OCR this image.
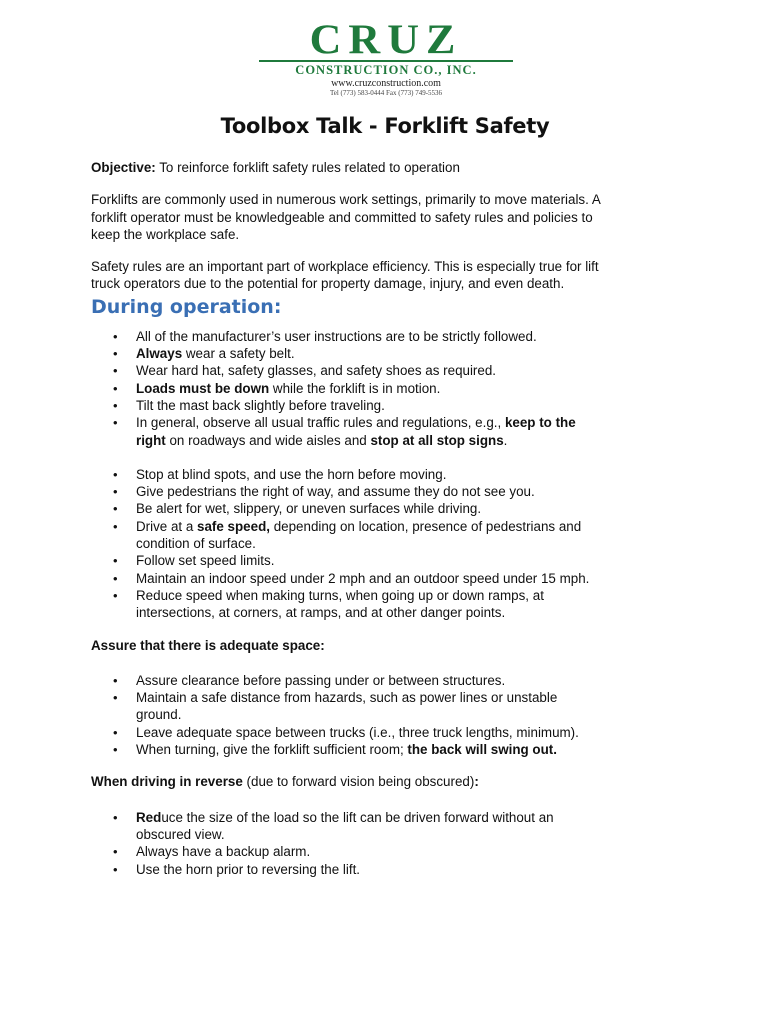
CRUZ
CONSTRUCTION CO., INC.
www.cruzconstruction.com
Tel (773) 583-0444 Fax (773) 749-5536
Toolbox Talk - Forklift Safety

Objective: To reinforce forklift safety rules related to operation

Forklifts are commonly used in numerous work settings, primarily to move materials. A forklift operator must be knowledgeable and committed to safety rules and policies to keep the workplace safe.

Safety rules are an important part of workplace efficiency. This is especially true for lift truck operators due to the potential for property damage, injury, and even death.

During operation:
• All of the manufacturer’s user instructions are to be strictly followed.
• Always wear a safety belt.
• Wear hard hat, safety glasses, and safety shoes as required.
• Loads must be down while the forklift is in motion.
• Tilt the mast back slightly before traveling.
• In general, observe all usual traffic rules and regulations, e.g., keep to the right on roadways and wide aisles and stop at all stop signs.
• Stop at blind spots, and use the horn before moving.
• Give pedestrians the right of way, and assume they do not see you.
• Be alert for wet, slippery, or uneven surfaces while driving.
• Drive at a safe speed, depending on location, presence of pedestrians and condition of surface.
• Follow set speed limits.
• Maintain an indoor speed under 2 mph and an outdoor speed under 15 mph.
• Reduce speed when making turns, when going up or down ramps, at intersections, at corners, at ramps, and at other danger points.
Assure that there is adequate space:
• Assure clearance before passing under or between structures.
• Maintain a safe distance from hazards, such as power lines or unstable ground.
• Leave adequate space between trucks (i.e., three truck lengths, minimum).
• When turning, give the forklift sufficient room; the back will swing out.
When driving in reverse (due to forward vision being obscured):
• Reduce the size of the load so the lift can be driven forward without an obscured view.
• Always have a backup alarm.
• Use the horn prior to reversing the lift.
